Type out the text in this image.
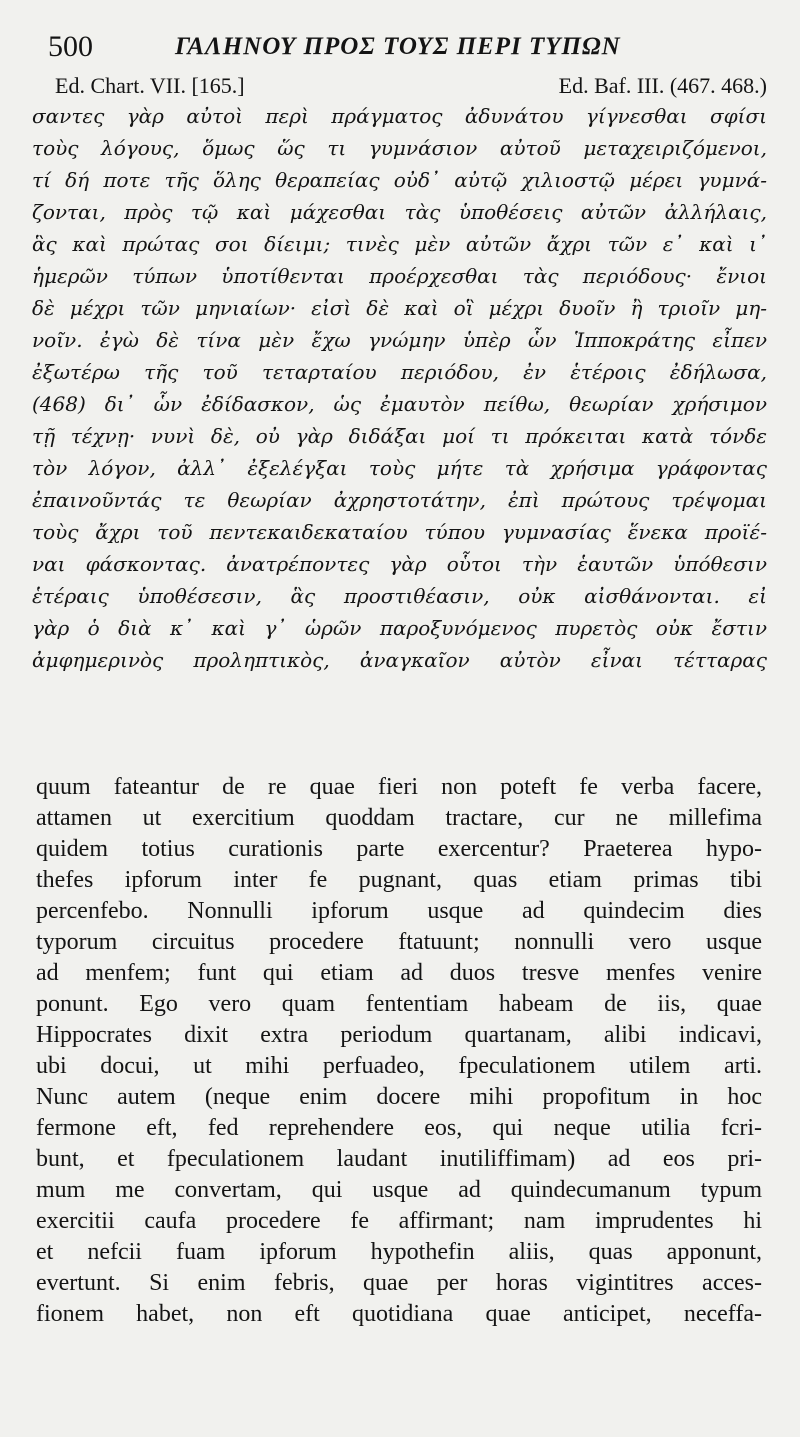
500	ΓΑΛΗΝΟΥ ΠΡΟΣ ΤΟΥΣ ΠΕΡΙ ΤΥΠΩΝ
Ed. Chart. VII. [165.]	Ed. Baf. III. (467. 468.)
σαντες γὰρ αὐτοὶ περὶ πράγματος ἀδυνάτου γίγνεσθαι σφίσι
τοὺς λόγους, ὅμως ὥς τι γυμνάσιον αὐτοῦ μεταχειριζόμενοι,
τί δή ποτε τῆς ὅλης θεραπείας οὐδ᾽ αὐτῷ χιλιοστῷ μέρει γυμνά-
ζονται, πρὸς τῷ καὶ μάχεσθαι τὰς ὑποθέσεις αὐτῶν ἀλλήλαις,
ἃς καὶ πρώτας σοι δίειμι; τινὲς μὲν αὐτῶν ἄχρι τῶν ε᾽ καὶ ι᾽
ἡμερῶν τύπων ὑποτίθενται προέρχεσθαι τὰς περιόδους· ἔνιοι
δὲ μέχρι τῶν μηνιαίων· εἰσὶ δὲ καὶ οἳ μέχρι δυοῖν ἢ τριοῖν μη-
νοῖν. ἐγὼ δὲ τίνα μὲν ἔχω γνώμην ὑπὲρ ὧν Ἱπποκράτης εἶπεν
ἐξωτέρω τῆς τοῦ τεταρταίου περιόδου, ἐν ἑτέροις ἐδήλωσα,
(468) δι᾽ ὧν ἐδίδασκον, ὡς ἐμαυτὸν πείθω, θεωρίαν χρήσιμον
τῇ τέχνῃ· νυνὶ δὲ, οὐ γὰρ διδάξαι μοί τι πρόκειται κατὰ τόνδε
τὸν λόγον, ἀλλ᾽ ἐξελέγξαι τοὺς μήτε τὰ χρήσιμα γράφοντας
ἐπαινοῦντάς τε θεωρίαν ἀχρηστοτάτην, ἐπὶ πρώτους τρέψομαι
τοὺς ἄχρι τοῦ πεντεκαιδεκαταίου τύπου γυμνασίας ἕνεκα προϊέ-
ναι φάσκοντας. ἀνατρέποντες γὰρ οὗτοι τὴν ἑαυτῶν ὑπόθεσιν
ἑτέραις ὑποθέσεσιν, ἃς προστιθέασιν, οὐκ αἰσθάνονται. εἰ
γὰρ ὁ διὰ κ᾽ καὶ γ᾽ ὡρῶν παροξυνόμενος πυρετὸς οὐκ ἔστιν
ἀμφημερινὸς προληπτικὸς, ἀναγκαῖον αὐτὸν εἶναι τέτταρας
quum fateantur de re quae fieri non poteft fe verba facere,
attamen ut exercitium quoddam tractare, cur ne millefima
quidem totius curationis parte exercentur? Praeterea hypo-
thefes ipforum inter fe pugnant, quas etiam primas tibi
percenfebo. Nonnulli ipforum usque ad quindecim dies
typorum circuitus procedere ftatuunt; nonnulli vero usque
ad menfem; funt qui etiam ad duos tresve menfes venire
ponunt. Ego vero quam fententiam habeam de iis, quae
Hippocrates dixit extra periodum quartanam, alibi indicavi,
ubi docui, ut mihi perfuadeo, fpeculationem utilem arti.
Nunc autem (neque enim docere mihi propofitum in hoc
fermone eft, fed reprehendere eos, qui neque utilia fcri-
bunt, et fpeculationem laudant inutiliffimam) ad eos pri-
mum me convertam, qui usque ad quindecumanum typum
exercitii caufa procedere fe affirmant; nam imprudentes hi
et nefcii fuam ipforum hypothefin aliis, quas apponunt,
evertunt. Si enim febris, quae per horas vigintitres acces-
fionem habet, non eft quotidiana quae anticipet, neceffa-
